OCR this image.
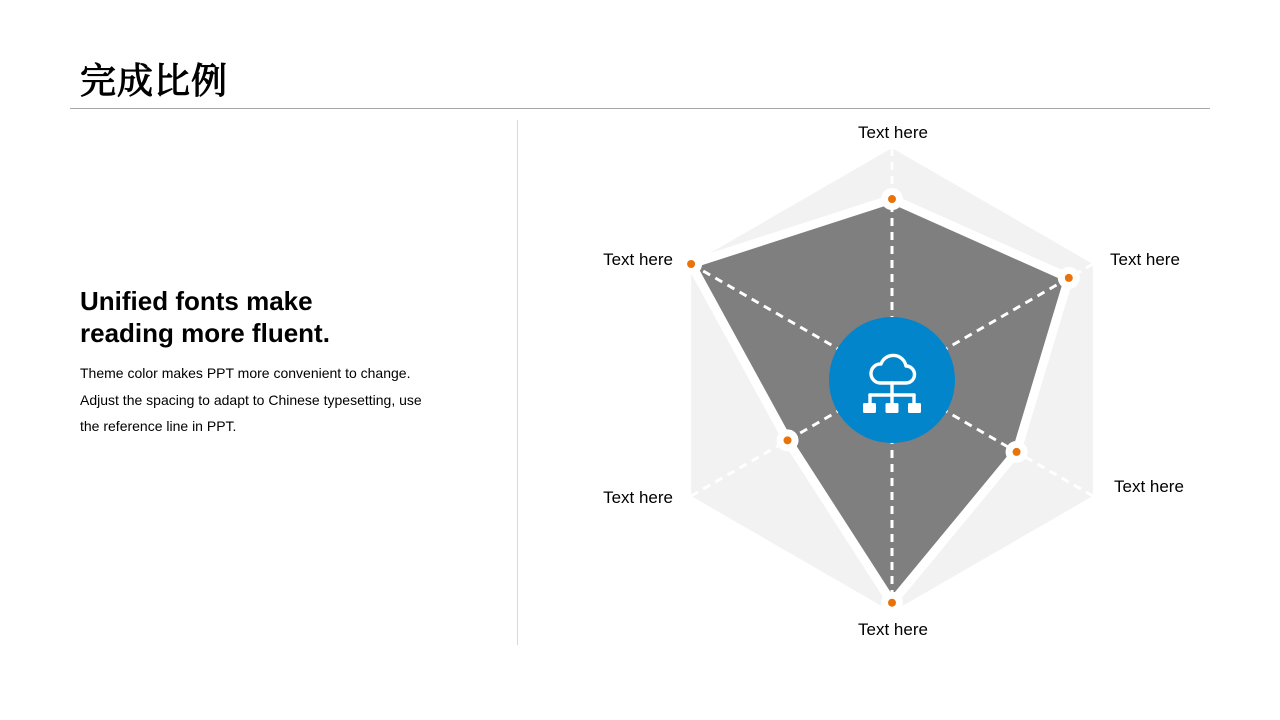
完成比例
Unified fonts make
reading more fluent.
Theme color makes PPT more convenient to change.
Adjust the spacing to adapt to Chinese typesetting, use
the reference line in PPT.
Text here
Text here
Text here
Text here
Text here
Text here
